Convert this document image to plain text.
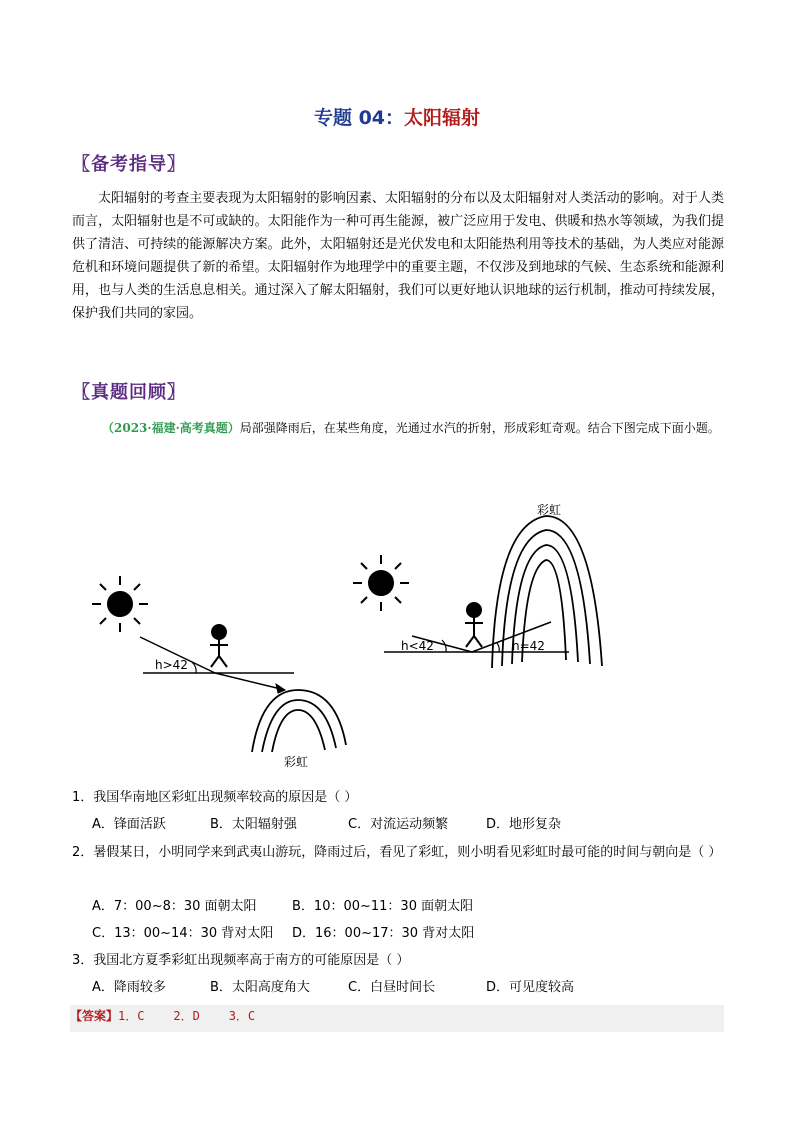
专题 04：太阳辐射
〖备考指导〗
太阳辐射的考查主要表现为太阳辐射的影响因素、太阳辐射的分布以及太阳辐射对人类活动的影响。对于人类而言，太阳辐射也是不可或缺的。太阳能作为一种可再生能源，被广泛应用于发电、供暖和热水等领域，为我们提供了清洁、可持续的能源解决方案。此外，太阳辐射还是光伏发电和太阳能热利用等技术的基础，为人类应对能源危机和环境问题提供了新的希望。太阳辐射作为地理学中的重要主题，不仅涉及到地球的气候、生态系统和能源利用，也与人类的生活息息相关。通过深入了解太阳辐射，我们可以更好地认识地球的运行机制，推动可持续发展，保护我们共同的家园。
〖真题回顾〗
（2023·福建·高考真题）局部强降雨后，在某些角度，光通过水汽的折射，形成彩虹奇观。结合下图完成下面小题。
h>42
彩虹
h<42	h=42
彩虹
1．我国华南地区彩虹出现频率较高的原因是（ ）
A．锋面活跃	B．太阳辐射强	C．对流运动频繁	D．地形复杂
2．暑假某日，小明同学来到武夷山游玩，降雨过后，看见了彩虹，则小明看见彩虹时最可能的时间与朝向是（ ）
A．7：00~8：30 面朝太阳	B．10：00~11：30 面朝太阳
C．13：00~14：30 背对太阳 D．16：00~17：30 背对太阳
3．我国北方夏季彩虹出现频率高于南方的可能原因是（ ）
A．降雨较多	B．太阳高度角大	C．白昼时间长	D．可见度较高
【答案】1．C    2．D    3．C
